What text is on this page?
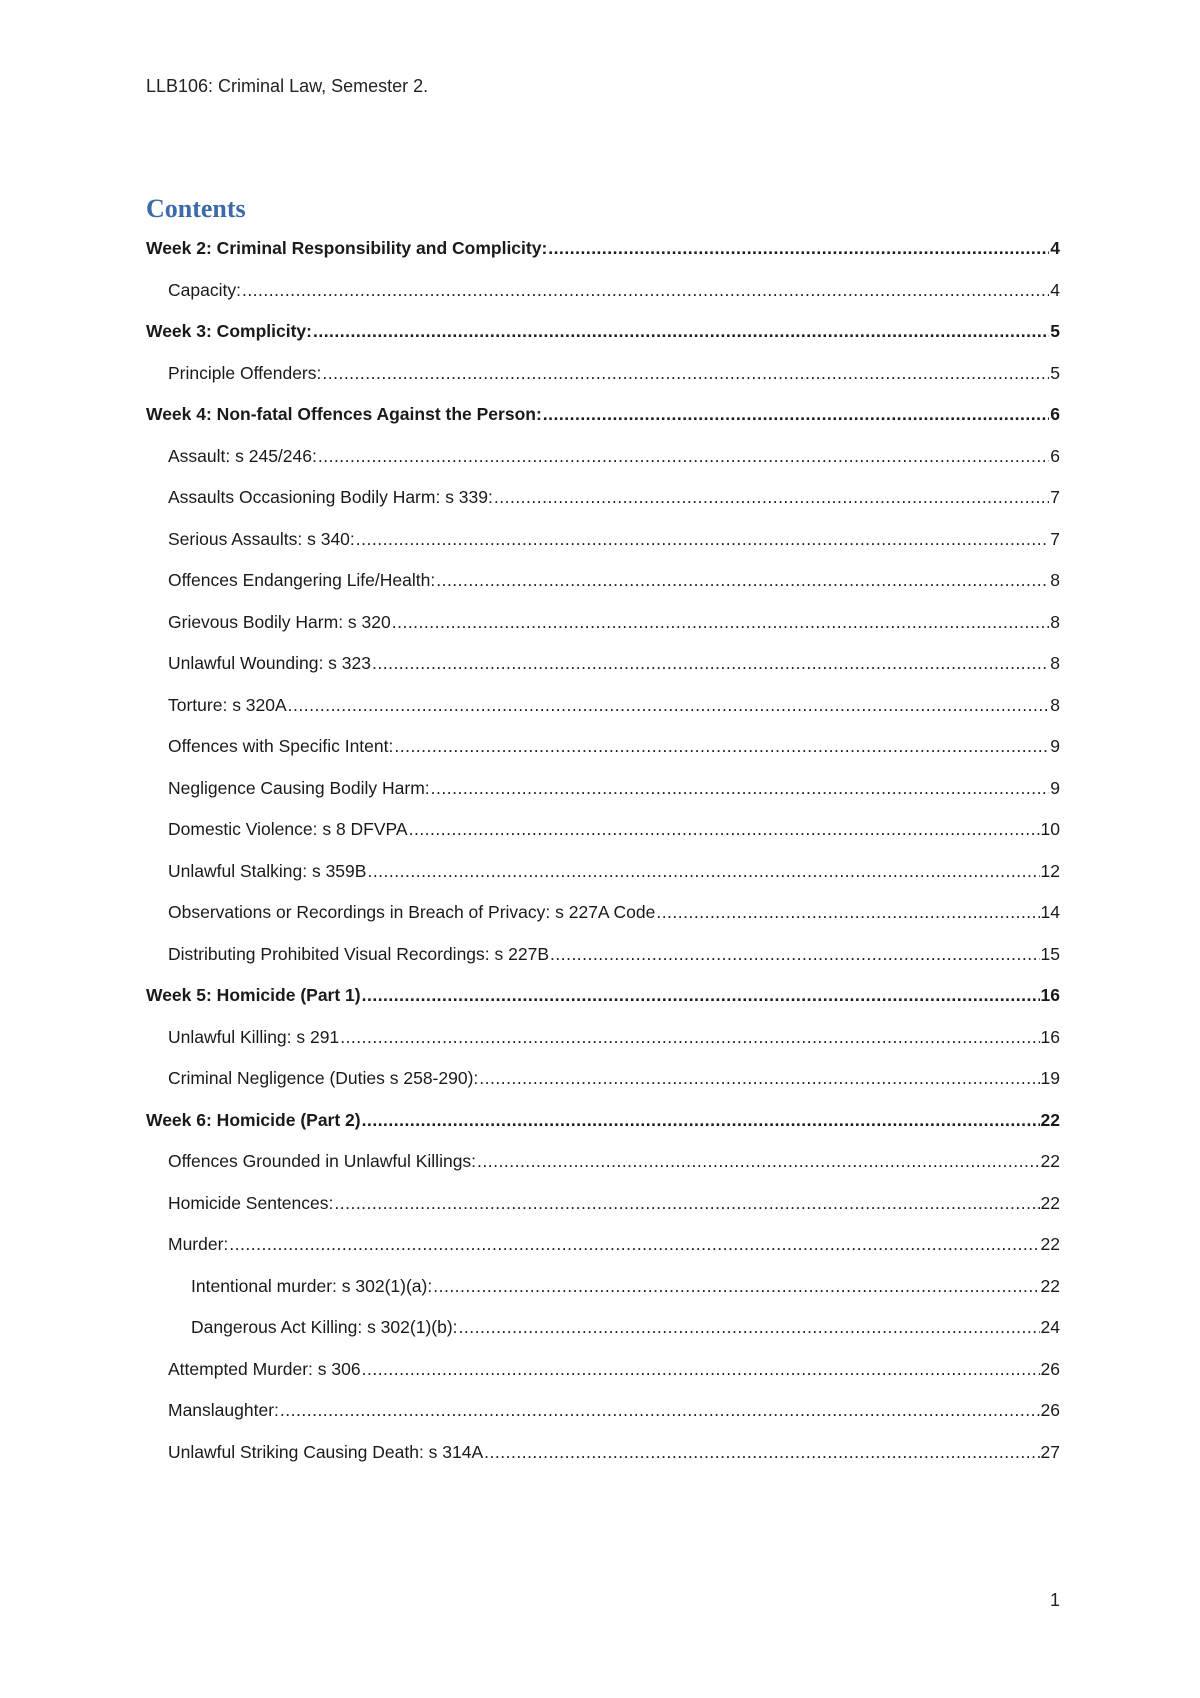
LLB106: Criminal Law, Semester 2.
Contents
Week 2: Criminal Responsibility and Complicity: .....	4
Capacity: .....	4
Week 3: Complicity: .....	5
Principle Offenders: .....	5
Week 4: Non-fatal Offences Against the Person: .....	6
Assault: s 245/246: .....	6
Assaults Occasioning Bodily Harm: s 339: .....	7
Serious Assaults: s 340: .....	7
Offences Endangering Life/Health: .....	8
Grievous Bodily Harm: s 320 .....	8
Unlawful Wounding: s 323 .....	8
Torture: s 320A .....	8
Offences with Specific Intent: .....	9
Negligence Causing Bodily Harm: .....	9
Domestic Violence: s 8 DFVPA .....	10
Unlawful Stalking: s 359B .....	12
Observations or Recordings in Breach of Privacy: s 227A Code .....	14
Distributing Prohibited Visual Recordings: s 227B .....	15
Week 5: Homicide (Part 1) .....	16
Unlawful Killing: s 291 .....	16
Criminal Negligence (Duties s 258-290): .....	19
Week 6: Homicide (Part 2) .....	22
Offences Grounded in Unlawful Killings: .....	22
Homicide Sentences: .....	22
Murder: .....	22
Intentional murder: s 302(1)(a): .....	22
Dangerous Act Killing: s 302(1)(b): .....	24
Attempted Murder: s 306 .....	26
Manslaughter: .....	26
Unlawful Striking Causing Death: s 314A .....	27
1
